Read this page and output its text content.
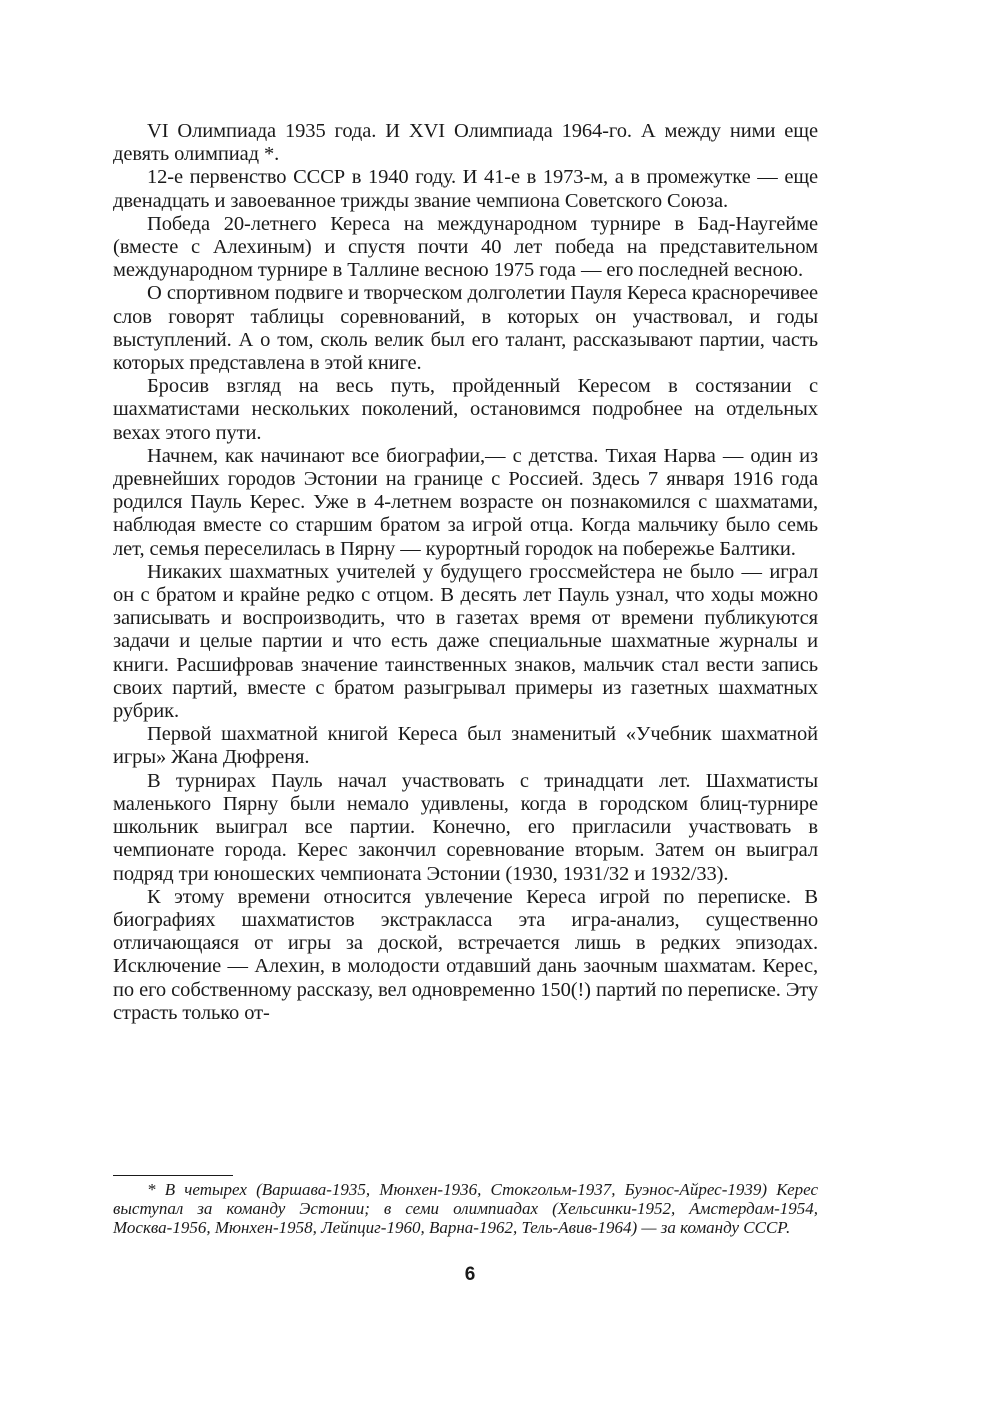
VI Олимпиада 1935 года. И XVI Олимпиада 1964-го. А между ними еще девять олимпиад *.

12-е первенство СССР в 1940 году. И 41-е в 1973-м, а в промежутке — еще двенадцать и завоеванное трижды звание чемпиона Советского Союза.

Победа 20-летнего Кереса на международном турнире в Бад-Наугейме (вместе с Алехиным) и спустя почти 40 лет победа на представительном международном турнире в Таллине весною 1975 года — его последней весною.

О спортивном подвиге и творческом долголетии Пауля Кереса красноречивее слов говорят таблицы соревнований, в которых он участвовал, и годы выступлений. А о том, сколь велик был его талант, рассказывают партии, часть которых представлена в этой книге.

Бросив взгляд на весь путь, пройденный Кересом в состязании с шахматистами нескольких поколений, остановимся подробнее на отдельных вехах этого пути.

Начнем, как начинают все биографии,— с детства. Тихая Нарва — один из древнейших городов Эстонии на границе с Россией. Здесь 7 января 1916 года родился Пауль Керес. Уже в 4-летнем возрасте он познакомился с шахматами, наблюдая вместе со старшим братом за игрой отца. Когда мальчику было семь лет, семья переселилась в Пярну — курортный городок на побережье Балтики.

Никаких шахматных учителей у будущего гроссмейстера не было — играл он с братом и крайне редко с отцом. В десять лет Пауль узнал, что ходы можно записывать и воспроизводить, что в газетах время от времени публикуются задачи и целые партии и что есть даже специальные шахматные журналы и книги. Расшифровав значение таинственных знаков, мальчик стал вести запись своих партий, вместе с братом разыгрывал примеры из газетных шахматных рубрик.

Первой шахматной книгой Кереса был знаменитый «Учебник шахматной игры» Жана Дюфреня.

В турнирах Пауль начал участвовать с тринадцати лет. Шахматисты маленького Пярну были немало удивлены, когда в городском блиц-турнире школьник выиграл все партии. Конечно, его пригласили участвовать в чемпионате города. Керес закончил соревнование вторым. Затем он выиграл подряд три юношеских чемпионата Эстонии (1930, 1931/32 и 1932/33).

К этому времени относится увлечение Кереса игрой по переписке. В биографиях шахматистов экстракласса эта игра-анализ, существенно отличающаяся от игры за доской, встречается лишь в редких эпизодах. Исключение — Алехин, в молодости отдавший дань заочным шахматам. Керес, по его собственному рассказу, вел одновременно 150(!) партий по переписке. Эту страсть только от-

* В четырех (Варшава-1935, Мюнхен-1936, Стокгольм-1937, Буэнос-Айрес-1939) Керес выступал за команду Эстонии; в семи олимпиадах (Хельсинки-1952, Амстердам-1954, Москва-1956, Мюнхен-1958, Лейпциг-1960, Варна-1962, Тель-Авив-1964) — за команду СССР.

6
